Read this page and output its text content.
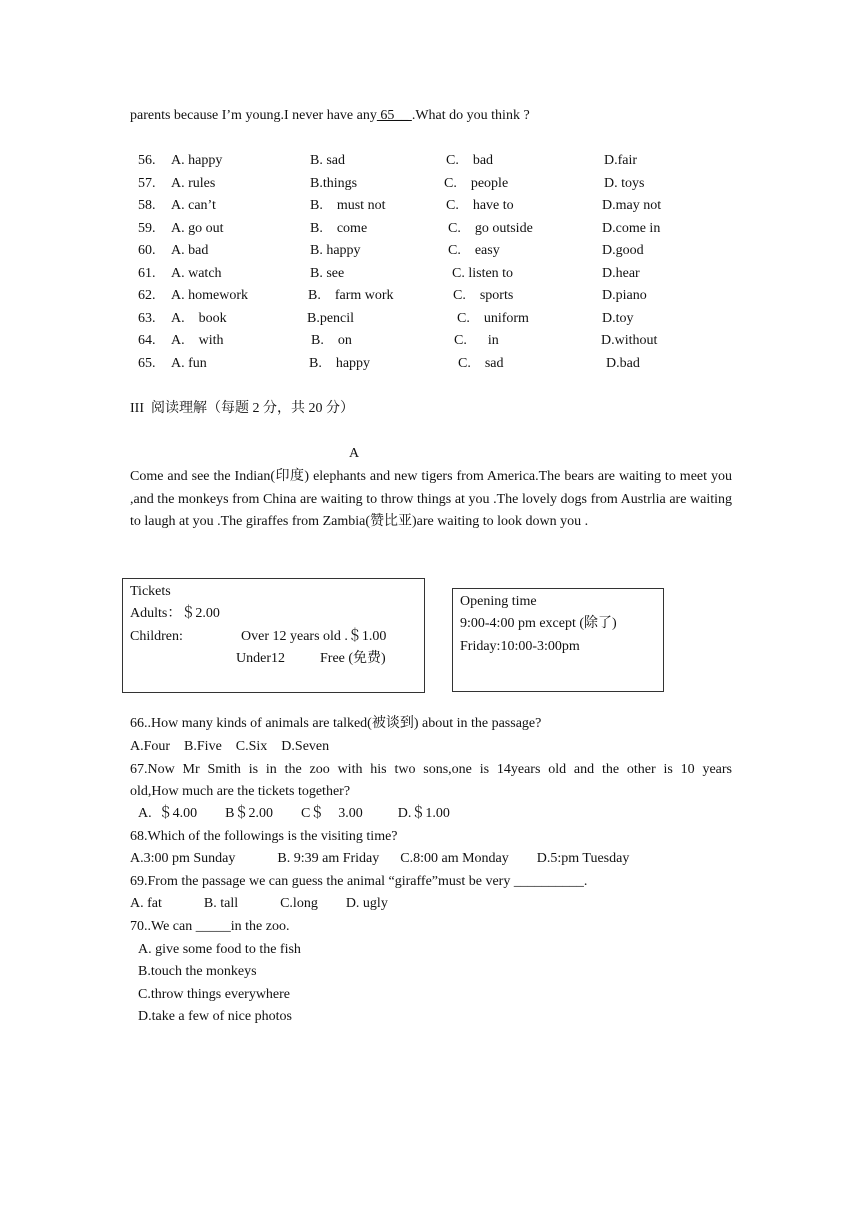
parents because I’m young.I never have any 65__ .What do you think ?
56. A. happy	B. sad	C.    bad	D.fair
57. A. rules	B.things	C.    people	D. toys
58. A. can’t	B.    must not	C.    have to	D.may not
59. A. go out	B.    come	C.    go outside	D.come in
60. A. bad	B. happy	C.    easy	D.good
61. A. watch	B. see	C. listen to	D.hear
62. A. homework	B.    farm work	C.    sports	D.piano
63. A.    book	B.pencil	C.    uniform	D.toy
64. A.    with	B.    on	C.      in	D.without
65. A. fun	B.    happy	C.    sad	D.bad
III  阅读理解（每题 2 分，共 20 分）
A
Come and see the Indian(印度) elephants and new tigers from America.The bears are waiting to meet you ,and the monkeys from China are waiting to throw things at you .The lovely dogs from Austrlia are waiting to laugh at you .The giraffes from Zambia(赞比亚)are waiting to look down you .
Tickets
Adults：＄2.00
Children:	Over 12 years old .＄1.00
Under12	Free (免费)
Opening time
9:00-4:00 pm except (除了)
Friday:10:00-3:00pm
66..How many kinds of animals are talked(被谈到) about in the passage?
A.Four    B.Five    C.Six    D.Seven
67.Now Mr Smith is in the zoo with his two sons,one is 14years old and the other is 10 years
old,How much are the tickets together?
A.  ＄4.00        B＄2.00        C＄    3.00          D.＄1.00
68.Which of the followings is the visiting time?
A.3:00 pm Sunday            B. 9:39 am Friday      C.8:00 am Monday        D.5:pm Tuesday
69.From the passage we can guess the animal “giraffe”must be very __________.
A. fat            B. tall            C.long        D. ugly
70..We can _____in the zoo.
A. give some food to the fish
B.touch the monkeys
C.throw things everywhere
D.take a few of nice photos
